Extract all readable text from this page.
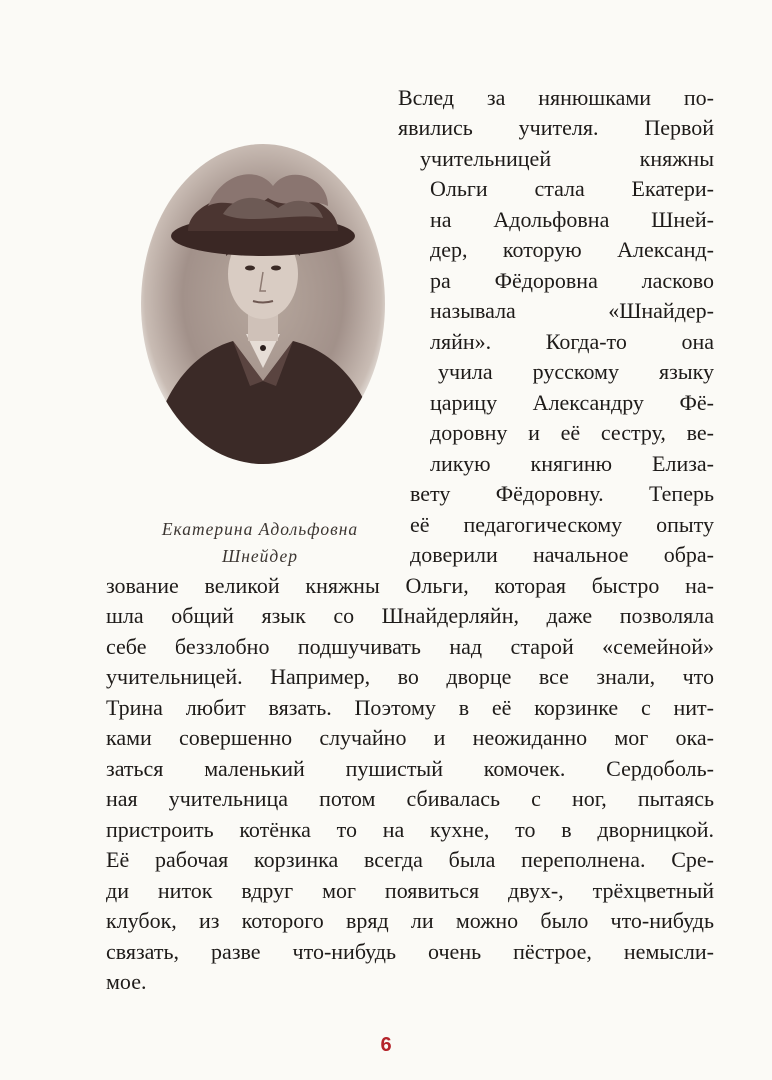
Екатерина Адольфовна
Шнейдер
Вслед за нянюшками по-
явились учителя. Первой
учительницей княжны
Ольги стала Екатери-
на Адольфовна Шней-
дер, которую Александ-
ра Фёдоровна ласково
называла «Шнайдер-
ляйн». Когда-то она
учила русскому языку
царицу Александру Фё-
доровну и её сестру, ве-
ликую княгиню Елиза-
вету Фёдоровну. Теперь
её педагогическому опыту
доверили начальное обра-
зование великой княжны Ольги, которая быстро на-
шла общий язык со Шнайдерляйн, даже позволяла
себе беззлобно подшучивать над старой «семейной»
учительницей. Например, во дворце все знали, что
Трина любит вязать. Поэтому в её корзинке с нит-
ками совершенно случайно и неожиданно мог ока-
заться маленький пушистый комочек. Сердоболь-
ная учительница потом сбивалась с ног, пытаясь
пристроить котёнка то на кухне, то в дворницкой.
Её рабочая корзинка всегда была переполнена. Сре-
ди ниток вдруг мог появиться двух-, трёхцветный
клубок, из которого вряд ли можно было что-нибудь
связать, разве что-нибудь очень пёстрое, немысли-
мое.
6
